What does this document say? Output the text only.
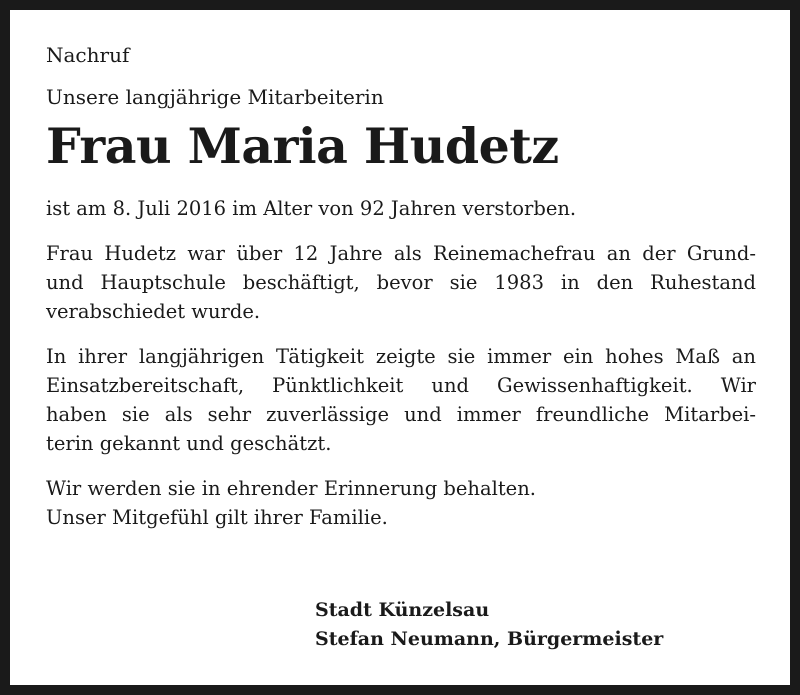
Nachruf

Unsere langjährige Mitarbeiterin

Frau Maria Hudetz

ist am 8. Juli 2016 im Alter von 92 Jahren verstorben.

Frau Hudetz war über 12 Jahre als Reinemachefrau an der Grund-
und Hauptschule beschäftigt, bevor sie 1983 in den Ruhestand
verabschiedet wurde.

In ihrer langjährigen Tätigkeit zeigte sie immer ein hohes Maß an
Einsatzbereitschaft, Pünktlichkeit und Gewissenhaftigkeit. Wir
haben sie als sehr zuverlässige und immer freundliche Mitarbei-
terin gekannt und geschätzt.

Wir werden sie in ehrender Erinnerung behalten.
Unser Mitgefühl gilt ihrer Familie.

Stadt Künzelsau
Stefan Neumann, Bürgermeister
